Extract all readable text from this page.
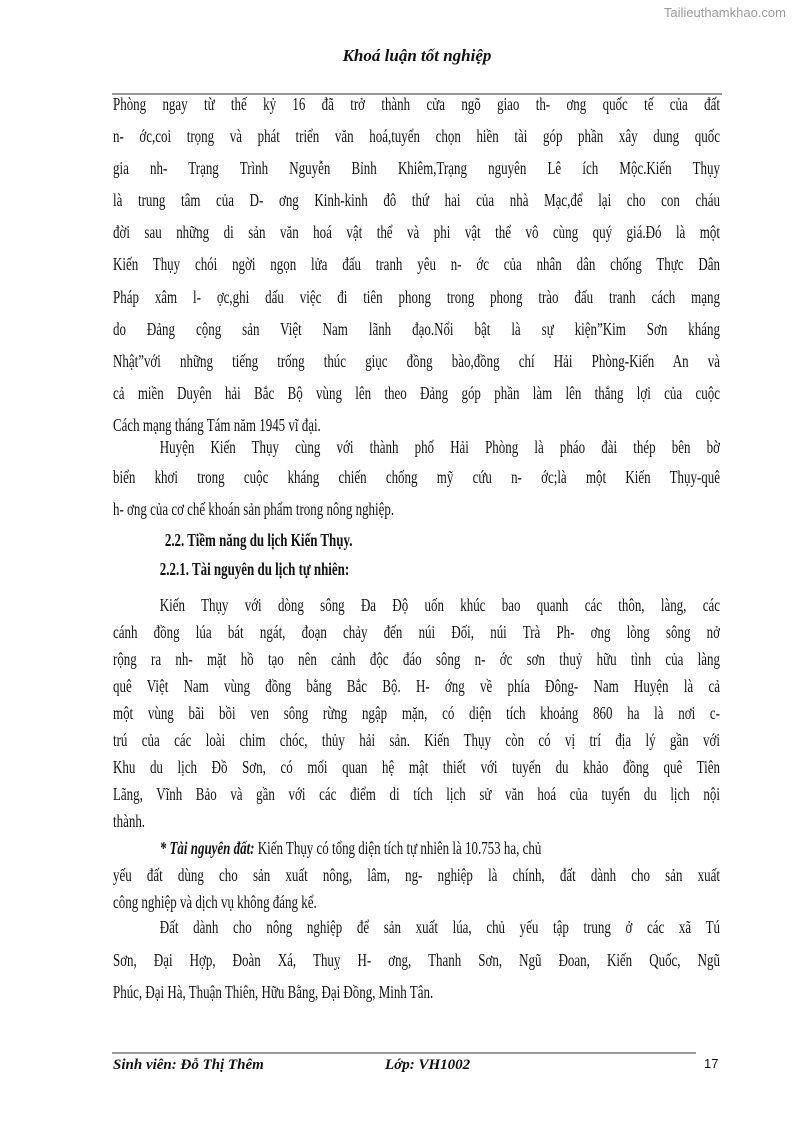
Tailieuthamkhao.com
Khoá luận tốt nghiệp
Phòng ngay từ thế kỷ 16 đã trở thành cửa ngõ giao th- ơng quốc tế của đất
n- ớc,coi trọng và phát triển văn hoá,tuyển chọn hiền tài góp phần xây dung quốc
gia nh- Trạng Trình Nguyễn Bỉnh Khiêm,Trạng nguyên Lê ích Mộc.Kiến Thụy
là trung tâm của D- ơng Kinh-kinh đô thứ hai của nhà Mạc,để lại cho con cháu
đời sau những di sản văn hoá vật thể và phi vật thể vô cùng quý giá.Đó là một
Kiến Thụy chói ngời ngọn lửa đấu tranh yêu n- ớc của nhân dân chống Thực Dân
Pháp xâm l- ợc,ghi dấu việc đi tiên phong trong phong trào đấu tranh cách mạng
do Đảng cộng sản Việt Nam lãnh đạo.Nổi bật là sự kiện”Kim Sơn kháng
Nhật”với những tiếng trống thúc giục đồng bào,đồng chí Hải Phòng-Kiến An và
cả miền Duyên hải Bắc Bộ vùng lên theo Đảng góp phần làm lên thắng lợi của cuộc
Cách mạng tháng Tám năm 1945 vĩ đại.
Huyện Kiến Thụy cùng với thành phố Hải Phòng là pháo đài thép bên bờ
biển khơi trong cuộc kháng chiến chống mỹ cứu n- ớc;là một Kiến Thụy-quê
h- ơng của cơ chế khoán sản phẩm trong nông nghiệp.
2.2. Tiềm năng du lịch Kiến Thụy.
2.2.1. Tài nguyên du lịch tự nhiên:
Kiến Thụy với dòng sông Đa Độ uốn khúc bao quanh các thôn, làng, các
cánh đồng lúa bát ngát, đoạn chảy đến núi Đối, núi Trà Ph- ơng lòng sông nở
rộng ra nh- mặt hồ tạo nên cảnh độc đáo sông n- ớc sơn thuỷ hữu tình của làng
quê Việt Nam vùng đồng bằng Bắc Bộ. H- ớng về phía Đông- Nam Huyện là cả
một vùng bãi bồi ven sông rừng ngập mặn, có diện tích khoảng 860 ha là nơi c-
trú của các loài chim chóc, thủy hải sản. Kiến Thụy còn có vị trí địa lý gần với
Khu du lịch Đồ Sơn, có mối quan hệ mật thiết với tuyến du khảo đồng quê Tiên
Lãng, Vĩnh Bảo và gần với các điểm di tích lịch sử văn hoá của tuyến du lịch nội
thành.
* Tài nguyên đất: Kiến Thụy có tổng diện tích tự nhiên là 10.753 ha, chủ
yếu đất dùng cho sản xuất nông, lâm, ng- nghiệp là chính, đất dành cho sản xuất
công nghiệp và dịch vụ không đáng kể.
Đất dành cho nông nghiệp để sản xuất lúa, chủ yếu tập trung ở các xã Tú
Sơn, Đại Hợp, Đoàn Xá, Thuỵ H- ơng, Thanh Sơn, Ngũ Đoan, Kiến Quốc, Ngũ
Phúc, Đại Hà, Thuận Thiên, Hữu Bằng, Đại Đồng, Minh Tân.
Sinh viên: Đỗ Thị Thêm	Lớp: VH1002	17
